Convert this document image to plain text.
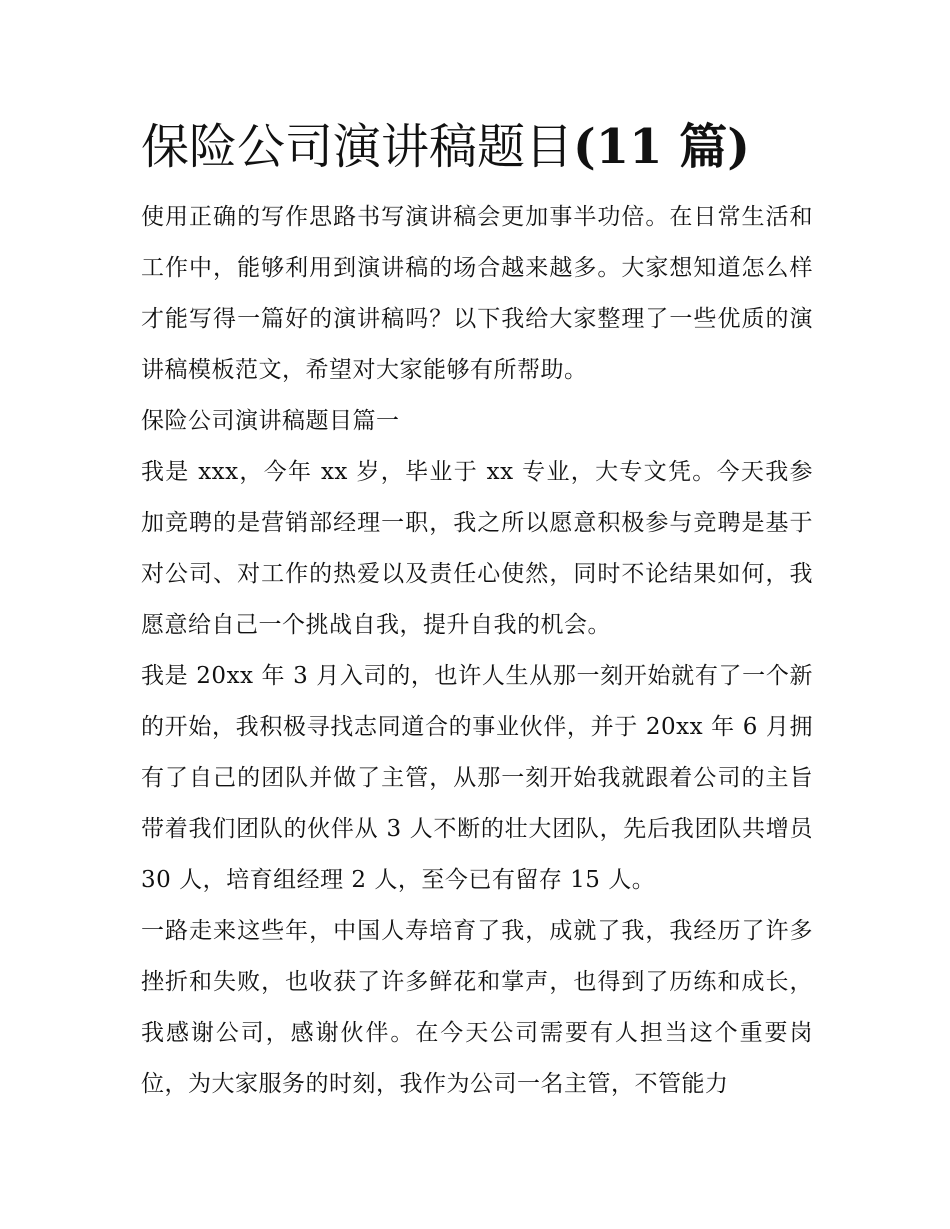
保险公司演讲稿题目(11 篇)

使用正确的写作思路书写演讲稿会更加事半功倍。在日常生活和工作中，能够利用到演讲稿的场合越来越多。大家想知道怎么样才能写得一篇好的演讲稿吗？以下我给大家整理了一些优质的演讲稿模板范文，希望对大家能够有所帮助。

保险公司演讲稿题目篇一

我是 xxx，今年 xx 岁，毕业于 xx 专业，大专文凭。今天我参加竞聘的是营销部经理一职，我之所以愿意积极参与竞聘是基于对公司、对工作的热爱以及责任心使然，同时不论结果如何，我愿意给自己一个挑战自我，提升自我的机会。

我是 20xx 年 3 月入司的，也许人生从那一刻开始就有了一个新的开始，我积极寻找志同道合的事业伙伴，并于 20xx 年 6 月拥有了自己的团队并做了主管，从那一刻开始我就跟着公司的主旨带着我们团队的伙伴从 3 人不断的壮大团队，先后我团队共增员 30 人，培育组经理 2 人，至今已有留存 15 人。

一路走来这些年，中国人寿培育了我，成就了我，我经历了许多挫折和失败，也收获了许多鲜花和掌声，也得到了历练和成长，我感谢公司，感谢伙伴。在今天公司需要有人担当这个重要岗位，为大家服务的时刻，我作为公司一名主管，不管能力
